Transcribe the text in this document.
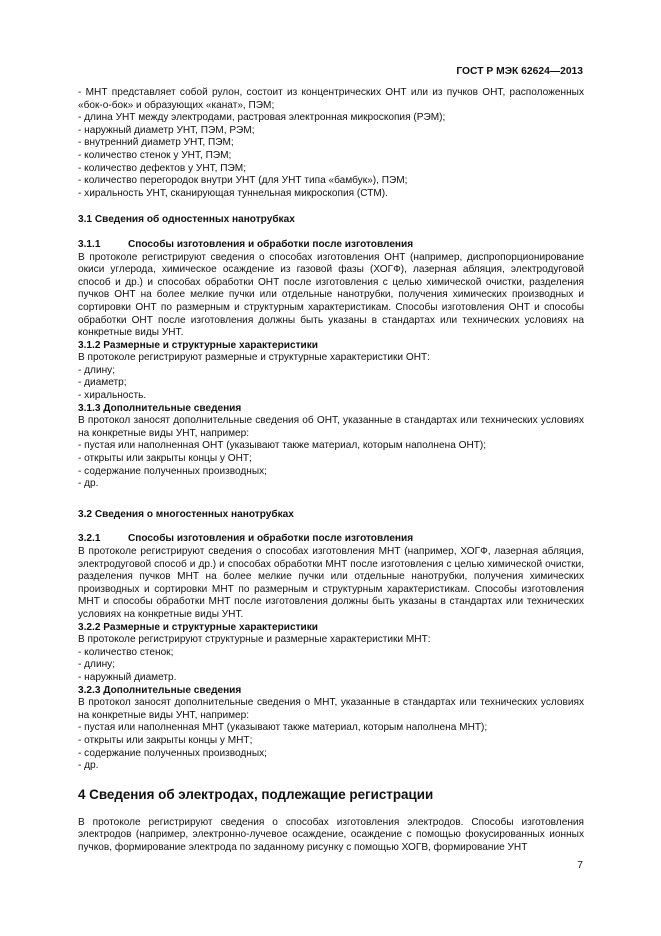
ГОСТ Р МЭК 62624—2013

- МНТ представляет собой рулон, состоит из концентрических ОНТ или из пучков ОНТ, расположенных «бок-о-бок» и образующих «канат», ПЭМ;

- длина УНТ между электродами, растровая электронная микроскопия (РЭМ);

- наружный диаметр УНТ, ПЭМ, РЭМ;

- внутренний диаметр УНТ, ПЭМ;

- количество стенок у УНТ, ПЭМ;

- количество дефектов у УНТ, ПЭМ;

- количество перегородок внутри УНТ (для УНТ типа «бамбук»), ПЭМ;

- хиральность УНТ, сканирующая туннельная микроскопия (СТМ).

3.1 Сведения об одностенных нанотрубках

3.1.1	Способы изготовления и обработки после изготовления

В протоколе регистрируют сведения о способах изготовления ОНТ (например, диспропорционирование окиси углерода, химическое осаждение из газовой фазы (ХОГФ), лазерная абляция, электродуговой способ и др.) и способах обработки ОНТ после изготовления с целью химической очистки, разделения пучков ОНТ на более мелкие пучки или отдельные нанотрубки, получения химических производных и сортировки ОНТ по размерным и структурным характеристикам. Способы изготовления ОНТ и способы обработки ОНТ после изготовления должны быть указаны в стандартах или технических условиях на конкретные виды УНТ.

3.1.2 Размерные и структурные характеристики

В протоколе регистрируют размерные и структурные характеристики ОНТ:

- длину;

- диаметр;

- хиральность.

3.1.3 Дополнительные сведения

В протокол заносят дополнительные сведения об ОНТ, указанные в стандартах или технических условиях на конкретные виды УНТ, например:

- пустая или наполненная ОНТ (указывают также материал, которым наполнена ОНТ);

- открыты или закрыты концы у ОНТ;

- содержание полученных производных;

- др.

3.2 Сведения о многостенных нанотрубках

3.2.1	Способы изготовления и обработки после изготовления

В протоколе регистрируют сведения о способах изготовления МНТ (например, ХОГФ, лазерная абляция, электродуговой способ и др.) и способах обработки МНТ после изготовления с целью химической очистки, разделения пучков МНТ на более мелкие пучки или отдельные нанотрубки, получения химических производных и сортировки МНТ по размерным и структурным характеристикам. Способы изготовления МНТ и способы обработки МНТ после изготовления должны быть указаны в стандартах или технических условиях на конкретные виды УНТ.

3.2.2 Размерные и структурные характеристики

В протоколе регистрируют структурные и размерные характеристики МНТ:

- количество стенок;

- длину;

- наружный диаметр.

3.2.3 Дополнительные сведения

В протокол заносят дополнительные сведения о МНТ, указанные в стандартах или технических условиях на конкретные виды УНТ, например:

- пустая или наполненная МНТ (указывают также материал, которым наполнена МНТ);

- открыты или закрыты концы у МНТ;

- содержание полученных производных;

- др.

4 Сведения об электродах, подлежащие регистрации

В протоколе регистрируют сведения о способах изготовления электродов. Способы изготовления электродов (например, электронно-лучевое осаждение, осаждение с помощью фокусированных ионных пучков, формирование электрода по заданному рисунку с помощью ХОГВ, формирование УНТ

7
